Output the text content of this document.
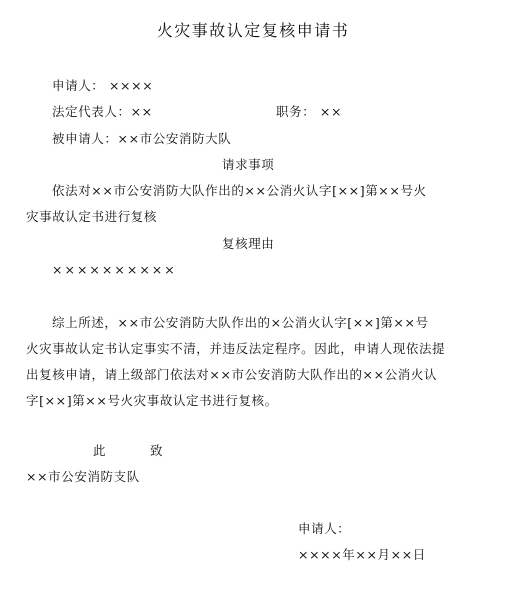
火灾事故认定复核申请书
申请人： ××××
法定代表人：××	职务： ××
被申请人：××市公安消防大队
请求事项
依法对××市公安消防大队作出的××公消火认字[××]第××号火
灾事故认定书进行复核
复核理由
××××××××××
综上所述，××市公安消防大队作出的×公消火认字[××]第××号
火灾事故认定书认定事实不清，并违反法定程序。因此，申请人现依法提
出复核申请，请上级部门依法对××市公安消防大队作出的××公消火认
字[××]第××号火灾事故认定书进行复核。
此	致
××市公安消防支队
申请人：
××××年××月××日
